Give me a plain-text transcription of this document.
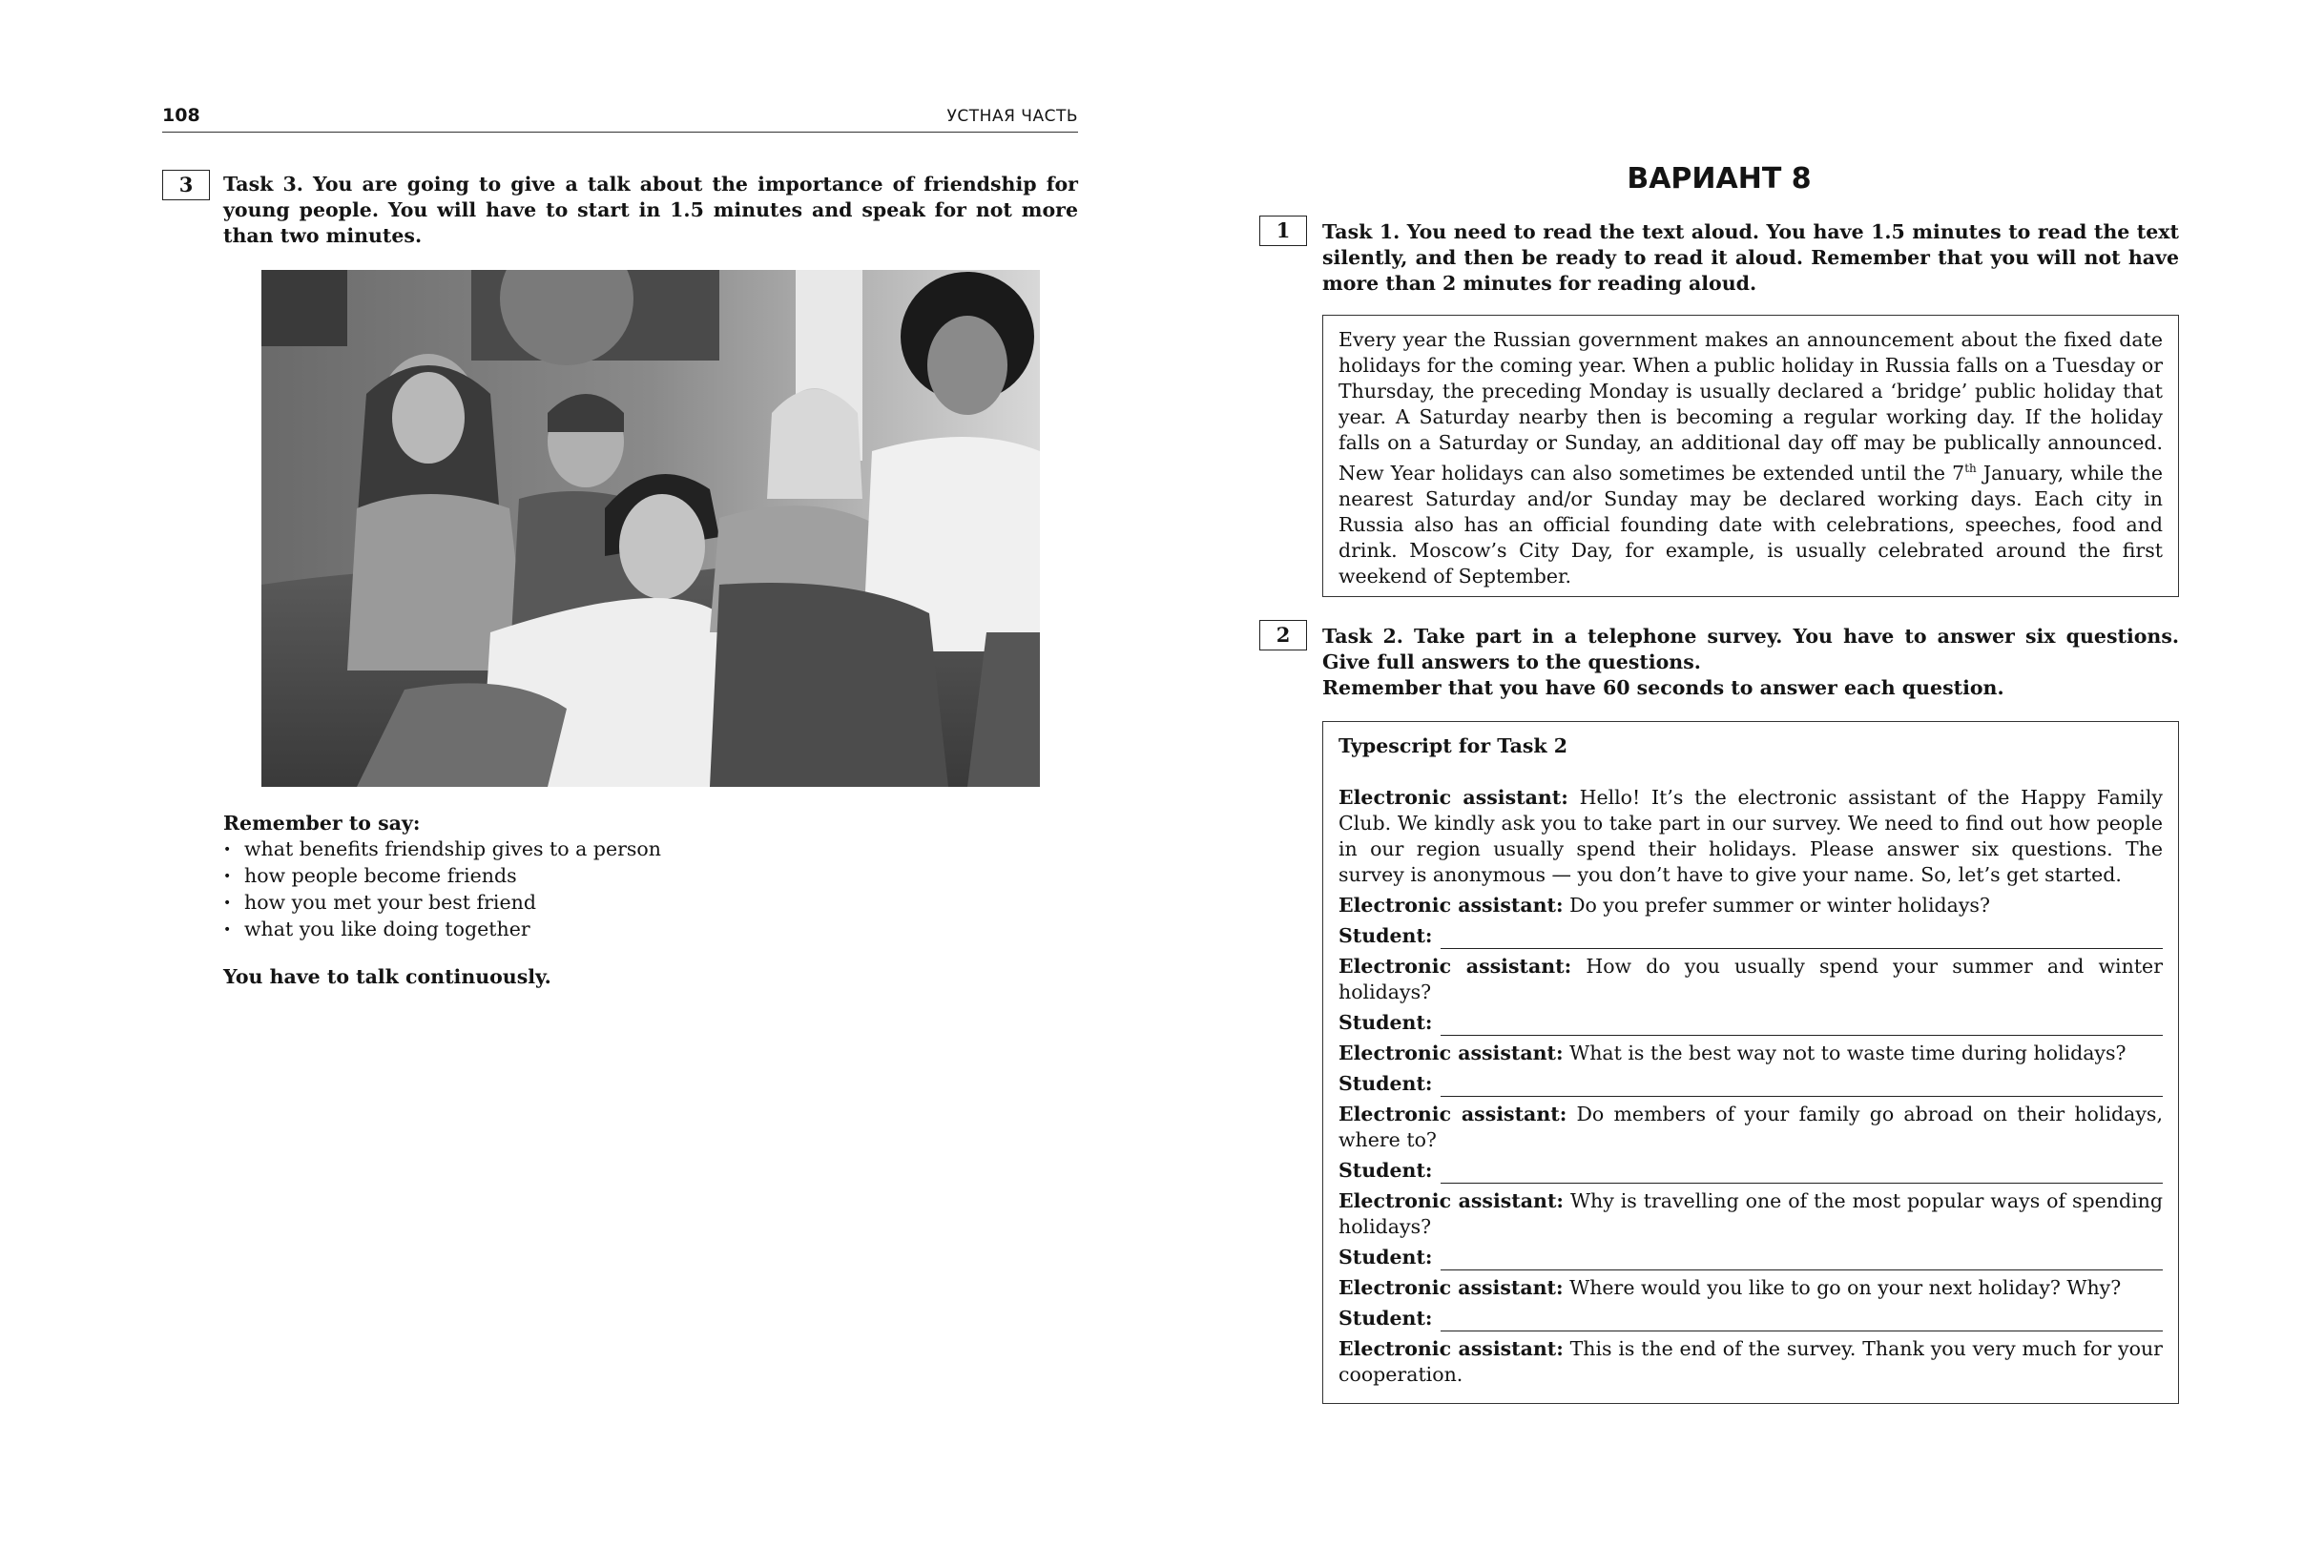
108	УСТНАЯ ЧАСТЬ
3	Task 3. You are going to give a talk about the importance of friendship for young people. You will have to start in 1.5 minutes and speak for not more than two minutes.
Remember to say:
• what benefits friendship gives to a person
• how people become friends
• how you met your best friend
• what you like doing together
You have to talk continuously.
ВАРИАНТ 8
1	Task 1. You need to read the text aloud. You have 1.5 minutes to read the text silently, and then be ready to read it aloud. Remember that you will not have more than 2 minutes for reading aloud.
Every year the Russian government makes an announcement about the fixed date holidays for the coming year. When a public holiday in Russia falls on a Tuesday or Thursday, the preceding Monday is usually declared a ‘bridge’ public holiday that year. A Saturday nearby then is becoming a regular working day. If the holiday falls on a Saturday or Sunday, an additional day off may be publically announced. New Year holidays can also sometimes be extended until the 7th January, while the nearest Saturday and/or Sunday may be declared working days. Each city in Russia also has an official founding date with celebrations, speeches, food and drink. Moscow’s City Day, for example, is usually celebrated around the first weekend of September.
2	Task 2. Take part in a telephone survey. You have to answer six questions. Give full answers to the questions.
Remember that you have 60 seconds to answer each question.
Typescript for Task 2
Electronic assistant: Hello! It’s the electronic assistant of the Happy Family Club. We kindly ask you to take part in our survey. We need to find out how people in our region usually spend their holidays. Please answer six questions. The survey is anonymous — you don’t have to give your name. So, let’s get started.
Electronic assistant: Do you prefer summer or winter holidays?
Student:
Electronic assistant: How do you usually spend your summer and winter holidays?
Student:
Electronic assistant: What is the best way not to waste time during holidays?
Student:
Electronic assistant: Do members of your family go abroad on their holidays, where to?
Student:
Electronic assistant: Why is travelling one of the most popular ways of spending holidays?
Student:
Electronic assistant: Where would you like to go on your next holiday? Why?
Student:
Electronic assistant: This is the end of the survey. Thank you very much for your cooperation.
